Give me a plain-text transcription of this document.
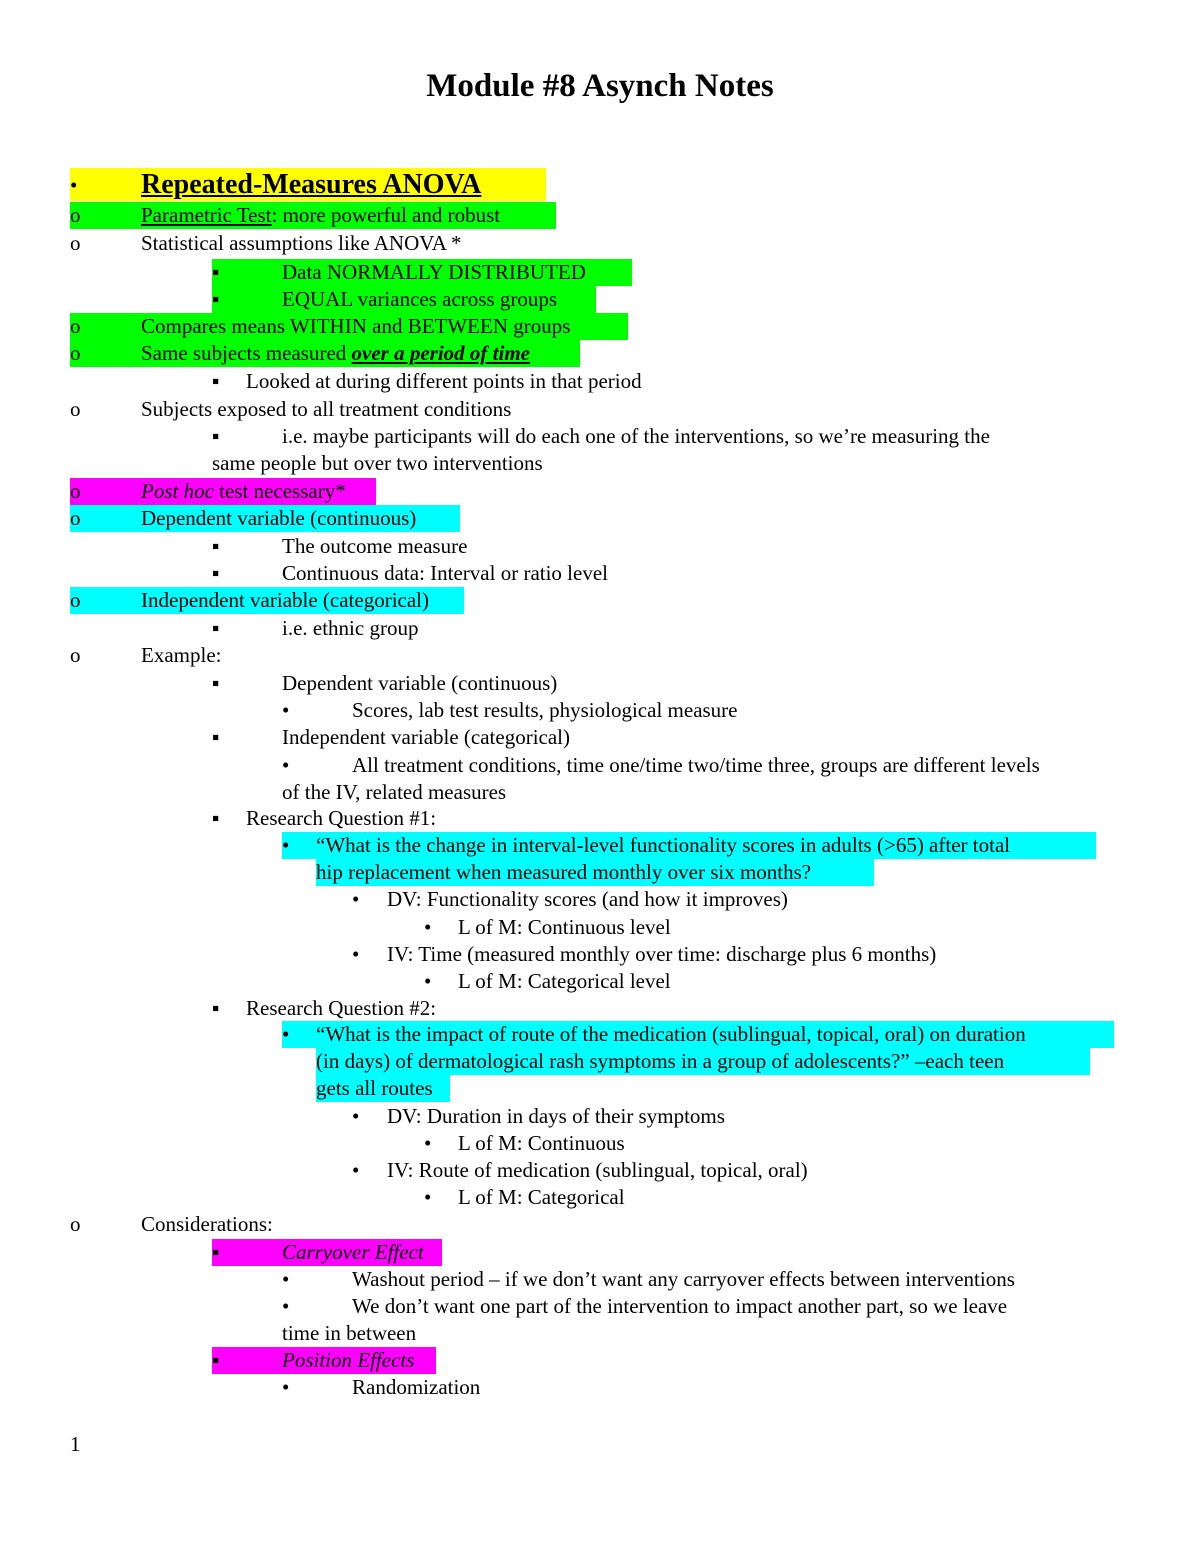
Module #8 Asynch Notes
• Repeated-Measures ANOVA
o	Parametric Test: more powerful and robust
o	Statistical assumptions like ANOVA *
▪	Data NORMALLY DISTRIBUTED
▪	EQUAL variances across groups
o	Compares means WITHIN and BETWEEN groups
o	Same subjects measured over a period of time
▪ Looked at during different points in that period
o	Subjects exposed to all treatment conditions
▪	i.e. maybe participants will do each one of the interventions, so we’re measuring the
same people but over two interventions
o	Post hoc test necessary*
o	Dependent variable (continuous)
▪	The outcome measure
▪	Continuous data: Interval or ratio level
o	Independent variable (categorical)
▪	i.e. ethnic group
o	Example:
▪	Dependent variable (continuous)
•	Scores, lab test results, physiological measure
▪	Independent variable (categorical)
•	All treatment conditions, time one/time two/time three, groups are different levels
of the IV, related measures
▪ Research Question #1:
• “What is the change in interval-level functionality scores in adults (>65) after total
hip replacement when measured monthly over six months?
• DV: Functionality scores (and how it improves)
• L of M: Continuous level
• IV: Time (measured monthly over time: discharge plus 6 months)
• L of M: Categorical level
▪ Research Question #2:
• “What is the impact of route of the medication (sublingual, topical, oral) on duration
(in days) of dermatological rash symptoms in a group of adolescents?” –each teen
gets all routes
• DV: Duration in days of their symptoms
• L of M: Continuous
• IV: Route of medication (sublingual, topical, oral)
• L of M: Categorical
o	Considerations:
▪	Carryover Effect
•	Washout period – if we don’t want any carryover effects between interventions
•	We don’t want one part of the intervention to impact another part, so we leave
time in between
▪	Position Effects
•	Randomization
1
